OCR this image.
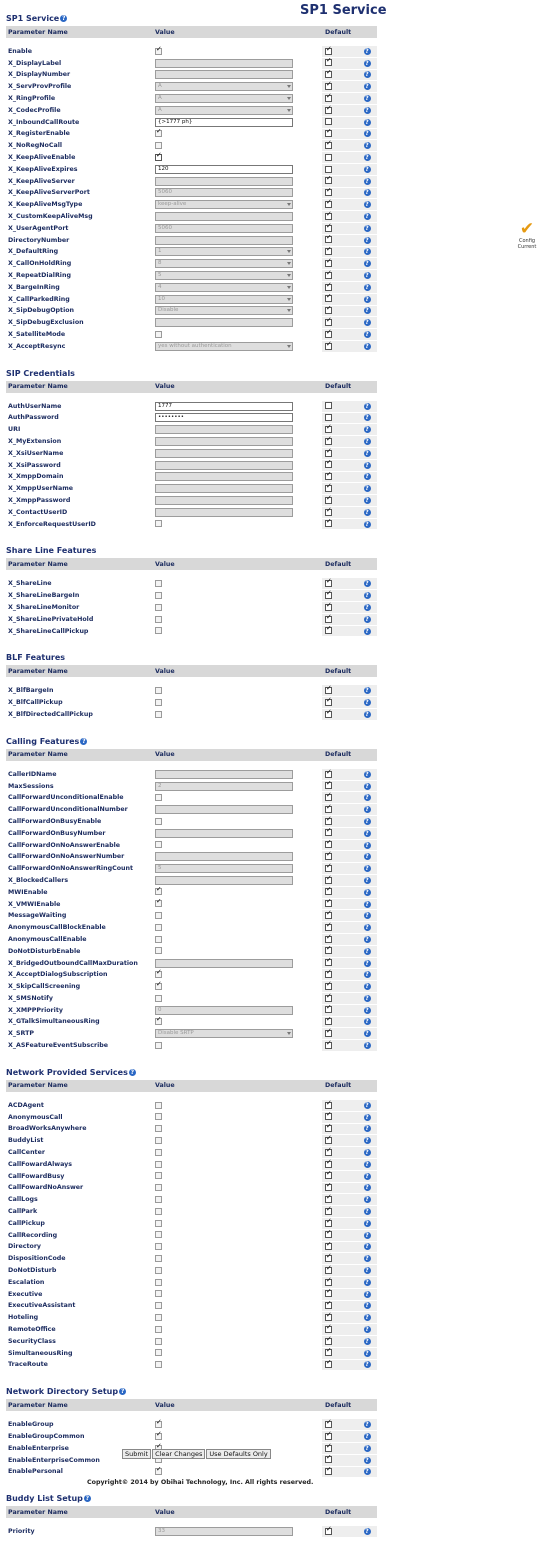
SP1 Service
✔
Config Current
SP1 Service ?
Parameter Name	Value	Default	

Enable	✓	✓	?
X_DisplayLabel		✓	?
X_DisplayNumber		✓	?
X_ServProvProfile	A	✓	?
X_RingProfile	A	✓	?
X_CodecProfile	A	✓	?
X_InboundCallRoute	{>1777 ph}		?
X_RegisterEnable	✓	✓	?
X_NoRegNoCall		✓	?
X_KeepAliveEnable	✓		?
X_KeepAliveExpires	120		?
X_KeepAliveServer		✓	?
X_KeepAliveServerPort	5060	✓	?
X_KeepAliveMsgType	keep-alive	✓	?
X_CustomKeepAliveMsg		✓	?
X_UserAgentPort	5060	✓	?
DirectoryNumber		✓	?
X_DefaultRing	1	✓	?
X_CallOnHoldRing	8	✓	?
X_RepeatDialRing	5	✓	?
X_BargeInRing	4	✓	?
X_CallParkedRing	10	✓	?
X_SipDebugOption	Disable	✓	?
X_SipDebugExclusion		✓	?
X_SatelliteMode		✓	?
X_AcceptResync	yes without authentication	✓	?
SIP Credentials
Parameter Name	Value	Default	

AuthUserName	1777		?
AuthPassword	••••••••		?
URI		✓	?
X_MyExtension		✓	?
X_XsiUserName		✓	?
X_XsiPassword		✓	?
X_XmppDomain		✓	?
X_XmppUserName		✓	?
X_XmppPassword		✓	?
X_ContactUserID		✓	?
X_EnforceRequestUserID		✓	?
Share Line Features
Parameter Name	Value	Default	

X_ShareLine		✓	?
X_ShareLineBargeIn		✓	?
X_ShareLineMonitor		✓	?
X_ShareLinePrivateHold		✓	?
X_ShareLineCallPickup		✓	?
BLF Features
Parameter Name	Value	Default	

X_BlfBargeIn		✓	?
X_BlfCallPickup		✓	?
X_BlfDirectedCallPickup		✓	?
Calling Features ?
Parameter Name	Value	Default	

CallerIDName		✓	?
MaxSessions	2	✓	?
CallForwardUnconditionalEnable		✓	?
CallForwardUnconditionalNumber		✓	?
CallForwardOnBusyEnable		✓	?
CallForwardOnBusyNumber		✓	?
CallForwardOnNoAnswerEnable		✓	?
CallForwardOnNoAnswerNumber		✓	?
CallForwardOnNoAnswerRingCount	5	✓	?
X_BlockedCallers		✓	?
MWIEnable	✓	✓	?
X_VMWIEnable	✓	✓	?
MessageWaiting		✓	?
AnonymousCallBlockEnable		✓	?
AnonymousCallEnable		✓	?
DoNotDisturbEnable		✓	?
X_BridgedOutboundCallMaxDuration		✓	?
X_AcceptDialogSubscription	✓	✓	?
X_SkipCallScreening	✓	✓	?
X_SMSNotify		✓	?
X_XMPPPriority	0	✓	?
X_GTalkSimultaneousRing	✓	✓	?
X_SRTP	Disable SRTP	✓	?
X_ASFeatureEventSubscribe		✓	?
Network Provided Services ?
Parameter Name	Value	Default	

ACDAgent		✓	?
AnonymousCall		✓	?
BroadWorksAnywhere		✓	?
BuddyList		✓	?
CallCenter		✓	?
CallFowardAlways		✓	?
CallFowardBusy		✓	?
CallFowardNoAnswer		✓	?
CallLogs		✓	?
CallPark		✓	?
CallPickup		✓	?
CallRecording		✓	?
Directory		✓	?
DispositionCode		✓	?
DoNotDisturb		✓	?
Escalation		✓	?
Executive		✓	?
ExecutiveAssistant		✓	?
Hoteling		✓	?
RemoteOffice		✓	?
SecurityClass		✓	?
SimultaneousRing		✓	?
TraceRoute		✓	?
Network Directory Setup ?
Parameter Name	Value	Default	

EnableGroup	✓	✓	?
EnableGroupCommon	✓	✓	?
EnableEnterprise	✓	✓	?
EnableEnterpriseCommon	✓	✓	?
EnablePersonal	✓	✓	?
Buddy List Setup ?
Parameter Name	Value	Default	

Priority	33	✓	?
Submit Clear Changes Use Defaults Only
Copyright© 2014 by Obihai Technology, Inc. All rights reserved.
